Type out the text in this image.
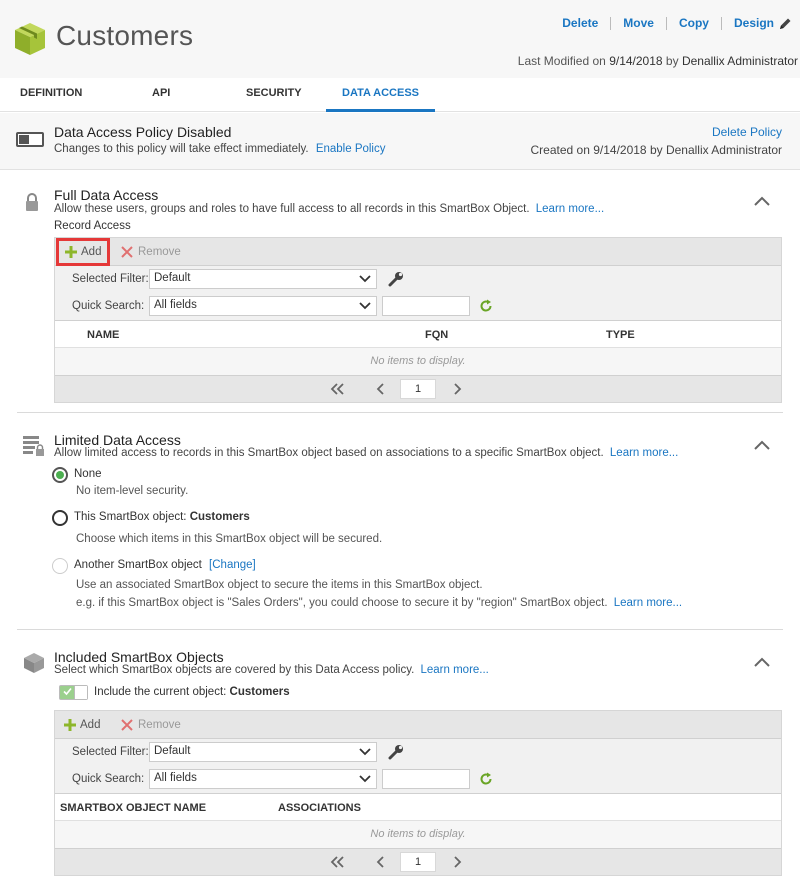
Customers	Delete	Move	Copy	Design
Last Modified on 9/14/2018 by Denallix Administrator
DEFINITION	API	SECURITY	DATA ACCESS
Data Access Policy Disabled
Changes to this policy will take effect immediately. Enable Policy
Delete Policy
Created on 9/14/2018 by Denallix Administrator
Full Data Access
Allow these users, groups and roles to have full access to all records in this SmartBox Object. Learn more...
Record Access
Add	Remove
Selected Filter: Default
Quick Search: All fields
NAME	FQN	TYPE
No items to display.
1
Limited Data Access
Allow limited access to records in this SmartBox object based on associations to a specific SmartBox object. Learn more...
None
No item-level security.
This SmartBox object: Customers
Choose which items in this SmartBox object will be secured.
Another SmartBox object [Change]
Use an associated SmartBox object to secure the items in this SmartBox object.
e.g. if this SmartBox object is "Sales Orders", you could choose to secure it by "region" SmartBox object. Learn more...
Included SmartBox Objects
Select which SmartBox objects are covered by this Data Access policy. Learn more...
Include the current object: Customers
Add	Remove
Selected Filter: Default
Quick Search: All fields
SMARTBOX OBJECT NAME	ASSOCIATIONS
No items to display.
1
